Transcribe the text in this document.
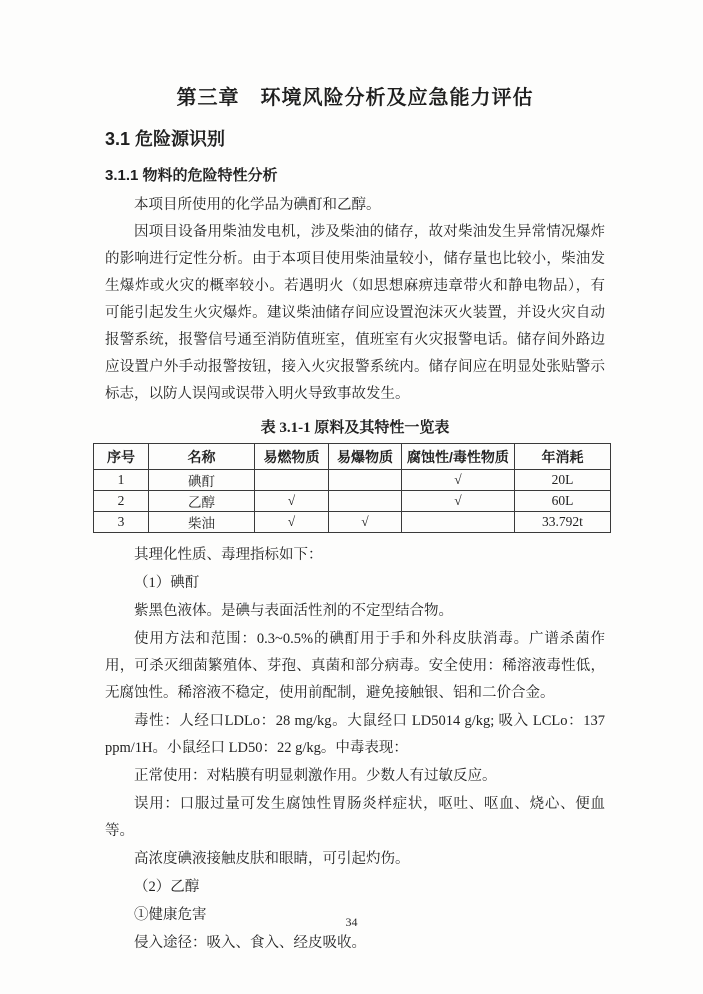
第三章　环境风险分析及应急能力评估
3.1 危险源识别
3.1.1 物料的危险特性分析

本项目所使用的化学品为碘酊和乙醇。

因项目设备用柴油发电机，涉及柴油的储存，故对柴油发生异常情况爆炸的影响进行定性分析。由于本项目使用柴油量较小，储存量也比较小，柴油发生爆炸或火灾的概率较小。若遇明火（如思想麻痹违章带火和静电物品），有可能引起发生火灾爆炸。建议柴油储存间应设置泡沫灭火装置，并设火灾自动报警系统，报警信号通至消防值班室，值班室有火灾报警电话。储存间外路边应设置户外手动报警按钮，接入火灾报警系统内。储存间应在明显处张贴警示标志，以防人误闯或误带入明火导致事故发生。

表 3.1-1 原料及其特性一览表
序号	名称	易燃物质	易爆物质	腐蚀性/毒性物质	年消耗
1	碘酊			√	20L
2	乙醇	√		√	60L
3	柴油	√	√		33.792t

其理化性质、毒理指标如下：

（1）碘酊

紫黑色液体。是碘与表面活性剂的不定型结合物。

使用方法和范围：0.3~0.5%的碘酊用于手和外科皮肤消毒。广谱杀菌作用，可杀灭细菌繁殖体、芽孢、真菌和部分病毒。安全使用：稀溶液毒性低，无腐蚀性。稀溶液不稳定，使用前配制，避免接触银、铝和二价合金。

毒性：人经口LDLo：28 mg/kg。大鼠经口 LD5014 g/kg; 吸入 LCLo：137 ppm/1H。小鼠经口 LD50：22 g/kg。中毒表现：

正常使用：对粘膜有明显刺激作用。少数人有过敏反应。

误用：口服过量可发生腐蚀性胃肠炎样症状，呕吐、呕血、烧心、便血等。

高浓度碘液接触皮肤和眼睛，可引起灼伤。

（2）乙醇

①健康危害

侵入途径：吸入、食入、经皮吸收。

34
